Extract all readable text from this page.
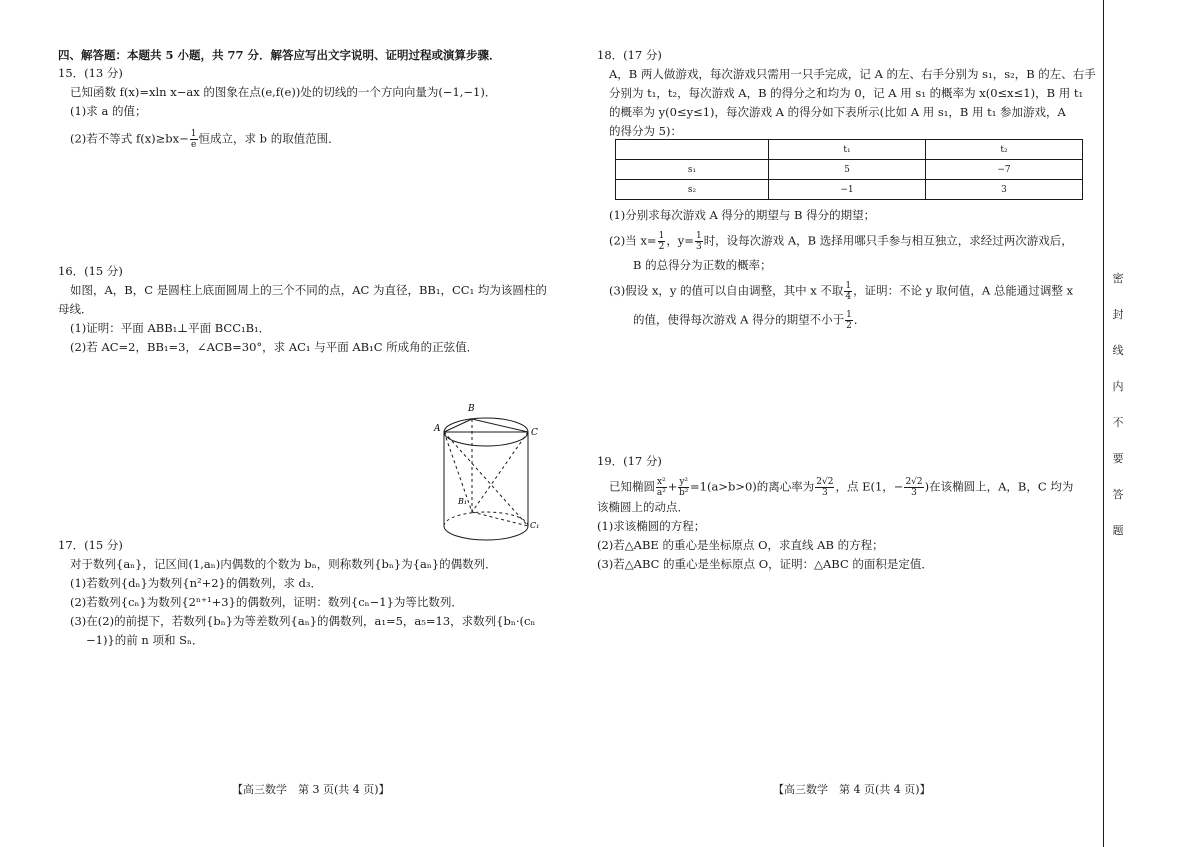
四、解答题：本题共 5 小题，共 77 分．解答应写出文字说明、证明过程或演算步骤．

15．(13 分)

已知函数 f(x)=xln x−ax 的图象在点(e,f(e))处的切线的一个方向向量为(−1,−1)．

(1)求 a 的值；

(2)若不等式 $f(x)\ge bx- \frac{1}{e}$ 恒成立，求 b 的取值范围．

16．(15 分)

如图，A，B，C 是圆柱上底面圆周上的三个不同的点，AC 为直径，BB₁，CC₁ 均为该圆柱的

母线．

(1)证明：平面 ABB₁⊥平面 BCC₁B₁．

(2)若 AC=2，BB₁=3，∠ACB=30°，求 AC₁ 与平面 AB₁C 所成角的正弦值．

A
B
C
B₁
C₁

17．(15 分)

对于数列{aₙ}，记区间(1,aₙ)内偶数的个数为 bₙ，则称数列{bₙ}为{aₙ}的偶数列．

(1)若数列{dₙ}为数列{n²+2}的偶数列，求 d₃．

(2)若数列{cₙ}为数列{2ⁿ⁺¹+3}的偶数列，证明：数列{cₙ−1}为等比数列．

(3)在(2)的前提下，若数列{bₙ}为等差数列{aₙ}的偶数列，a₁=5，a₅=13，求数列{bₙ·(cₙ

−1)}的前 n 项和 Sₙ．

18．(17 分)

A，B 两人做游戏，每次游戏只需用一只手完成，记 A 的左、右手分别为 s₁，s₂，B 的左、右手

分别为 t₁，t₂，每次游戏 A，B 的得分之和均为 0，记 A 用 s₁ 的概率为 x(0≤x≤1)，B 用 t₁

的概率为 y(0≤y≤1)，每次游戏 A 的得分如下表所示(比如 A 用 s₁，B 用 t₁ 参加游戏，A

的得分为 5)：

	t₁	t₂
s₁	5	−7
s₂	−1	3

(1)分别求每次游戏 A 得分的期望与 B 得分的期望；

(2)当 $x= \frac{1}{2}$ ，$y= \frac{1}{3}$ 时，设每次游戏 A，B 选择用哪只手参与相互独立，求经过两次游戏后，

B 的总得分为正数的概率；

(3)假设 x，y 的值可以自由调整，其中 x 不取 $\frac{1}{4}$ ，证明：不论 y 取何值，A 总能通过调整 x

的值，使得每次游戏 A 得分的期望不小于 $\frac{1}{2}$ ．

19．(17 分)

已知椭圆 $\frac{\text{x²}}{\text{a²}} + \frac{\text{y²}}{\text{b²}} =1(a>b>0)$的离心率为 $\frac{2√2}{3}$ ，点 E(1，− $\frac{2√2}{3}$ )在该椭圆上，A，B，C 均为

该椭圆上的动点．

(1)求该椭圆的方程；

(2)若△ABE 的重心是坐标原点 O，求直线 AB 的方程；

(3)若△ABC 的重心是坐标原点 O，证明：△ABC 的面积是定值．

【高三数学　第 3 页(共 4 页)】	【高三数学　第 4 页(共 4 页)】
密
封
线
内
不
要
答
题
